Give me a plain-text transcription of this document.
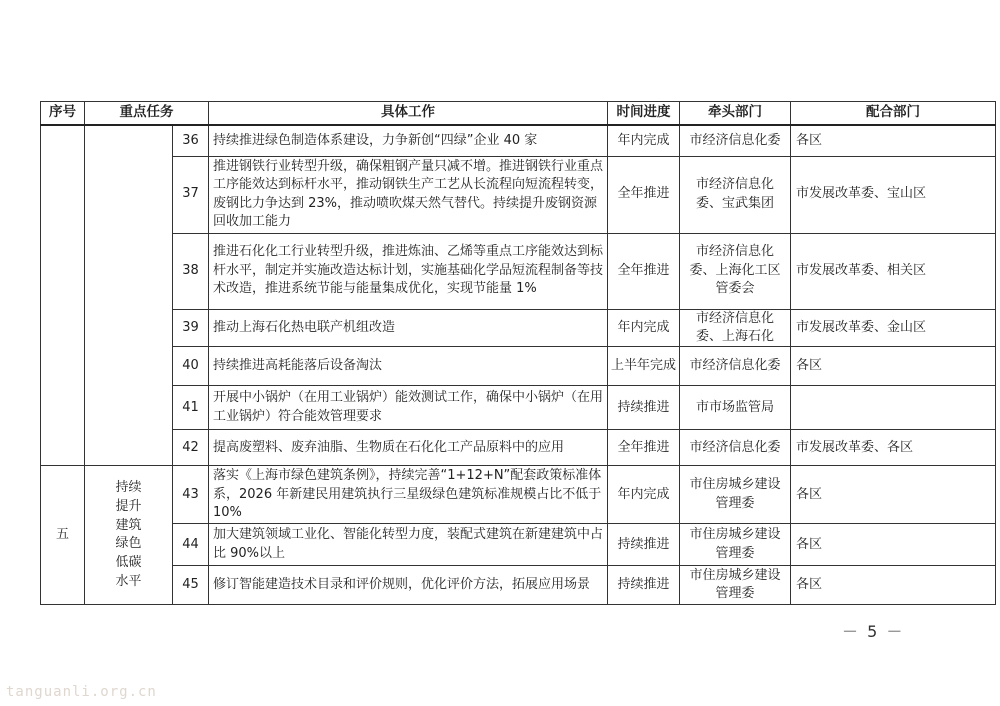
序号	重点任务		具体工作	时间进度	牵头部门	配合部门
		36	持续推进绿色制造体系建设，力争新创“四绿”企业 40 家	年内完成	市经济信息化委	各区
		37	推进钢铁行业转型升级，确保粗钢产量只减不增。推进钢铁行业重点工序能效达到标杆水平，推动钢铁生产工艺从长流程向短流程转变，废钢比力争达到 23%，推动喷吹煤天然气替代。持续提升废钢资源回收加工能力	全年推进	市经济信息化委、宝武集团	市发展改革委、宝山区
		38	推进石化化工行业转型升级，推进炼油、乙烯等重点工序能效达到标杆水平，制定并实施改造达标计划，实施基础化学品短流程制备等技术改造，推进系统节能与能量集成优化，实现节能量 1%	全年推进	市经济信息化委、上海化工区管委会	市发展改革委、相关区
		39	推动上海石化热电联产机组改造	年内完成	市经济信息化委、上海石化	市发展改革委、金山区
		40	持续推进高耗能落后设备淘汰	上半年完成	市经济信息化委	各区
		41	开展中小锅炉（在用工业锅炉）能效测试工作，确保中小锅炉（在用工业锅炉）符合能效管理要求	持续推进	市市场监管局	
		42	提高废塑料、废弃油脂、生物质在石化化工产品原料中的应用	全年推进	市经济信息化委	市发展改革委、各区
五	持续提升建筑绿色低碳水平	43	落实《上海市绿色建筑条例》，持续完善“1+12+N”配套政策标准体系，2026 年新建民用建筑执行三星级绿色建筑标准规模占比不低于 10%	年内完成	市住房城乡建设管理委	各区
		44	加大建筑领域工业化、智能化转型力度，装配式建筑在新建建筑中占比 90%以上	持续推进	市住房城乡建设管理委	各区
		45	修订智能建造技术目录和评价规则，优化评价方法，拓展应用场景	持续推进	市住房城乡建设管理委	各区
－ 5 －
tanguanli.org.cn
